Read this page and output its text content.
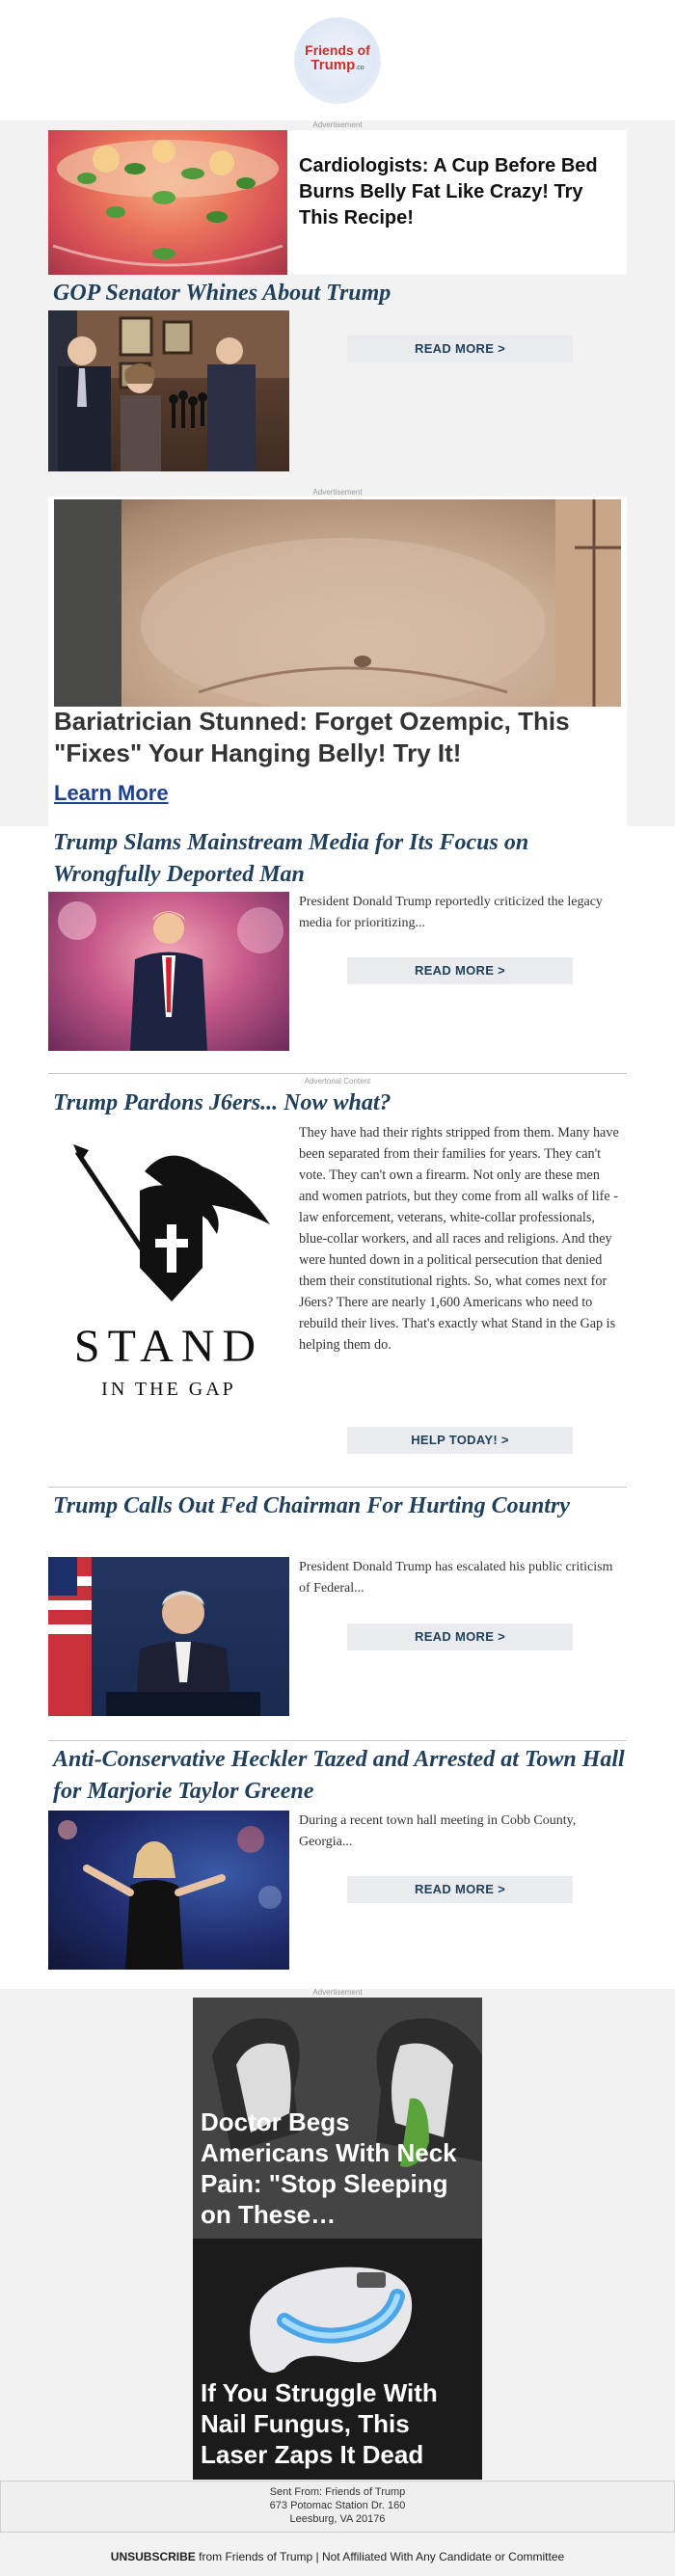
Friends of
Trump.co
Advertisement
Cardiologists: A Cup Before Bed Burns Belly Fat Like Crazy! Try This Recipe!
GOP Senator Whines About Trump
READ MORE >
Advertisement
Bariatrician Stunned: Forget Ozempic, This "Fixes" Your Hanging Belly! Try It!
Learn More
Trump Slams Mainstream Media for Its Focus on Wrongfully Deported Man
President Donald Trump reportedly criticized the legacy media for prioritizing...
READ MORE >
Advertorial Content
Trump Pardons J6ers... Now what?
STAND
IN THE GAP
They have had their rights stripped from them. Many have been separated from their families for years. They can't vote. They can't own a firearm. Not only are these men and women patriots, but they come from all walks of life - law enforcement, veterans, white-collar professionals, blue-collar workers, and all races and religions. And they were hunted down in a political persecution that denied them their constitutional rights. So, what comes next for J6ers? There are nearly 1,600 Americans who need to rebuild their lives. That's exactly what Stand in the Gap is helping them do.
HELP TODAY! >
Trump Calls Out Fed Chairman For Hurting Country
President Donald Trump has escalated his public criticism of Federal...
READ MORE >
Anti-Conservative Heckler Tazed and Arrested at Town Hall for Marjorie Taylor Greene
During a recent town hall meeting in Cobb County, Georgia...
READ MORE >
Advertisement
Doctor Begs Americans With Neck Pain: "Stop Sleeping on These…
If You Struggle With Nail Fungus, This Laser Zaps It Dead
Sent From: Friends of Trump
673 Potomac Station Dr. 160
Leesburg, VA 20176
UNSUBSCRIBE from Friends of Trump | Not Affiliated With Any Candidate or Committee
